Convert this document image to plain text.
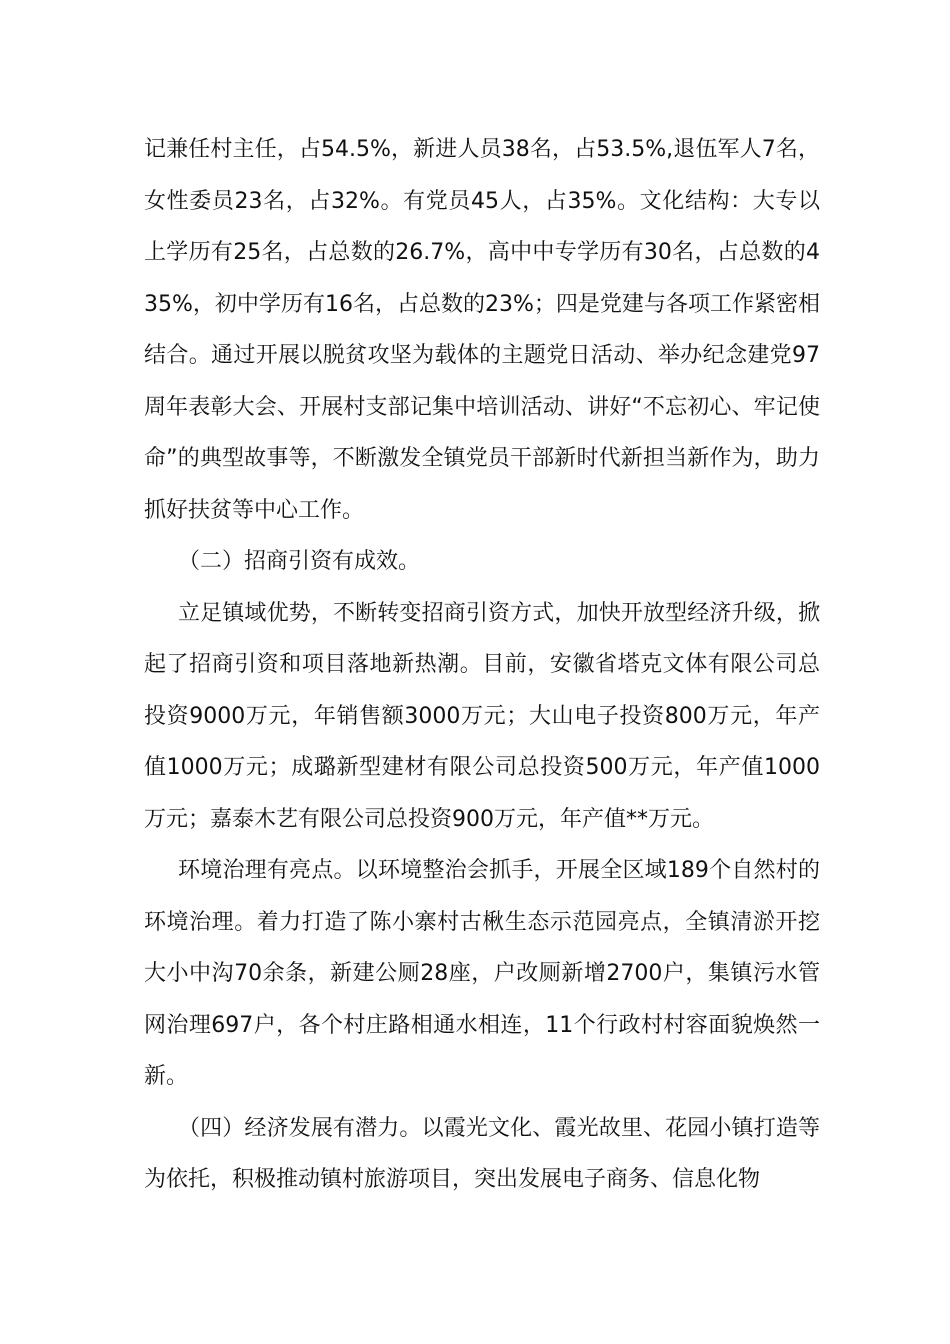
记兼任村主任，占54.5%，新进人员38名，占53.5%,退伍军人7名，女性委员23名，占32%。有党员45人，占35%。文化结构：大专以上学历有25名，占总数的26.7%，高中中专学历有30名，占总数的435%，初中学历有16名，占总数的23%；四是党建与各项工作紧密相结合。通过开展以脱贫攻坚为载体的主题党日活动、举办纪念建党97周年表彰大会、开展村支部记集中培训活动、讲好“不忘初心、牢记使命”的典型故事等，不断激发全镇党员干部新时代新担当新作为，助力抓好扶贫等中心工作。

（二）招商引资有成效。

立足镇域优势，不断转变招商引资方式，加快开放型经济升级，掀起了招商引资和项目落地新热潮。目前，安徽省塔克文体有限公司总投资9000万元，年销售额3000万元；大山电子投资800万元，年产值1000万元；成璐新型建材有限公司总投资500万元，年产值1000万元；嘉泰木艺有限公司总投资900万元，年产值**万元。

环境治理有亮点。以环境整治会抓手，开展全区域189个自然村的环境治理。着力打造了陈小寨村古楸生态示范园亮点，全镇清淤开挖大小中沟70余条，新建公厕28座，户改厕新增2700户，集镇污水管网治理697户，各个村庄路相通水相连，11个行政村村容面貌焕然一新。

（四）经济发展有潜力。以霞光文化、霞光故里、花园小镇打造等为依托，积极推动镇村旅游项目，突出发展电子商务、信息化物
